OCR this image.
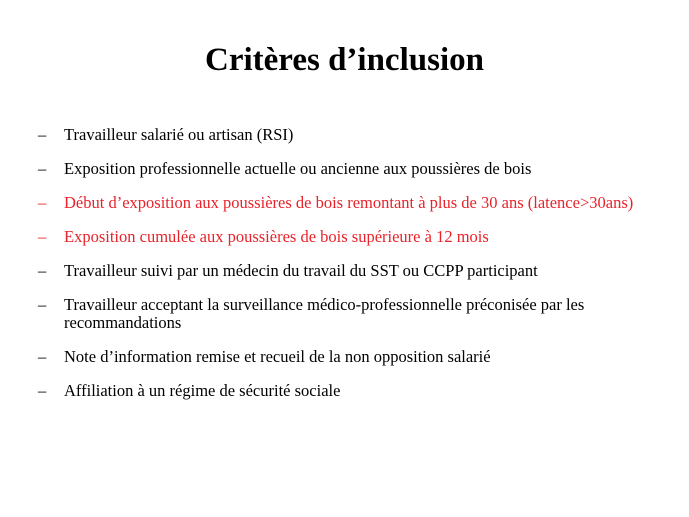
Critères d’inclusion
–	Travailleur salarié ou artisan (RSI)
–	Exposition professionnelle actuelle ou ancienne aux poussières de bois
–	Début d’exposition aux poussières de bois remontant à plus de 30 ans (latence>30ans)
–	Exposition cumulée aux poussières de bois supérieure à 12 mois
–	Travailleur suivi par un médecin du travail du SST ou CCPP participant
–	Travailleur acceptant la surveillance médico-professionnelle préconisée par les recommandations
–	Note d’information remise et recueil de la non opposition salarié
–	Affiliation à un régime de sécurité sociale
